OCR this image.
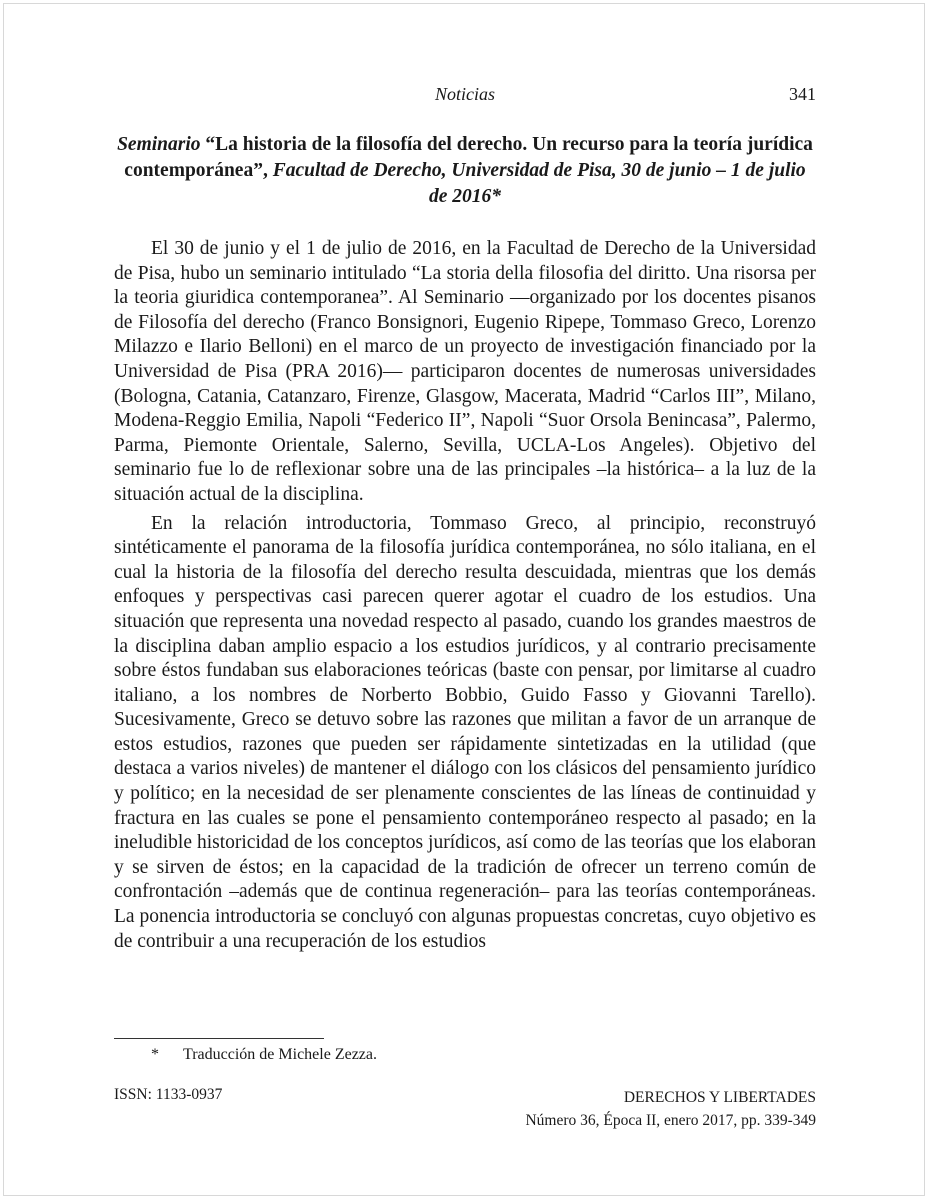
Noticias	341
Seminario “La historia de la filosofía del derecho. Un recurso para la teoría jurídica contemporánea”, Facultad de Derecho, Universidad de Pisa, 30 de junio – 1 de julio de 2016*

El 30 de junio y el 1 de julio de 2016, en la Facultad de Derecho de la Universidad de Pisa, hubo un seminario intitulado “La storia della filosofia del diritto. Una risorsa per la teoria giuridica contemporanea”. Al Seminario —organizado por los docentes pisanos de Filosofía del derecho (Franco Bonsignori, Eugenio Ripepe, Tommaso Greco, Lorenzo Milazzo e Ilario Belloni) en el marco de un proyecto de investigación financiado por la Universidad de Pisa (PRA 2016)— participaron docentes de numerosas universidades (Bologna, Catania, Catanzaro, Firenze, Glasgow, Macerata, Madrid “Carlos III”, Milano, Modena-Reggio Emilia, Napoli “Federico II”, Napoli “Suor Orsola Benincasa”, Palermo, Parma, Piemonte Orientale, Salerno, Sevilla, UCLA-Los Angeles). Objetivo del seminario fue lo de reflexionar sobre una de las principales –la histórica– a la luz de la situación actual de la disciplina.

En la relación introductoria, Tommaso Greco, al principio, reconstruyó sintéticamente el panorama de la filosofía jurídica contemporánea, no sólo italiana, en el cual la historia de la filosofía del derecho resulta descuidada, mientras que los demás enfoques y perspectivas casi parecen querer agotar el cuadro de los estudios. Una situación que representa una novedad respecto al pasado, cuando los grandes maestros de la disciplina daban amplio espacio a los estudios jurídicos, y al contrario precisamente sobre éstos fundaban sus elaboraciones teóricas (baste con pensar, por limitarse al cuadro italiano, a los nombres de Norberto Bobbio, Guido Fasso y Giovanni Tarello). Sucesivamente, Greco se detuvo sobre las razones que militan a favor de un arranque de estos estudios, razones que pueden ser rápidamente sintetizadas en la utilidad (que destaca a varios niveles) de mantener el diálogo con los clásicos del pensamiento jurídico y político; en la necesidad de ser plenamente conscientes de las líneas de continuidad y fractura en las cuales se pone el pensamiento contemporáneo respecto al pasado; en la ineludible historicidad de los conceptos jurídicos, así como de las teorías que los elaboran y se sirven de éstos; en la capacidad de la tradición de ofrecer un terreno común de confrontación –además que de continua regeneración– para las teorías contemporáneas. La ponencia introductoria se concluyó con algunas propuestas concretas, cuyo objetivo es de contribuir a una recuperación de los estudios

* Traducción de Michele Zezza.
ISSN: 1133-0937	DERECHOS Y LIBERTADES
Número 36, Época II, enero 2017, pp. 339-349
